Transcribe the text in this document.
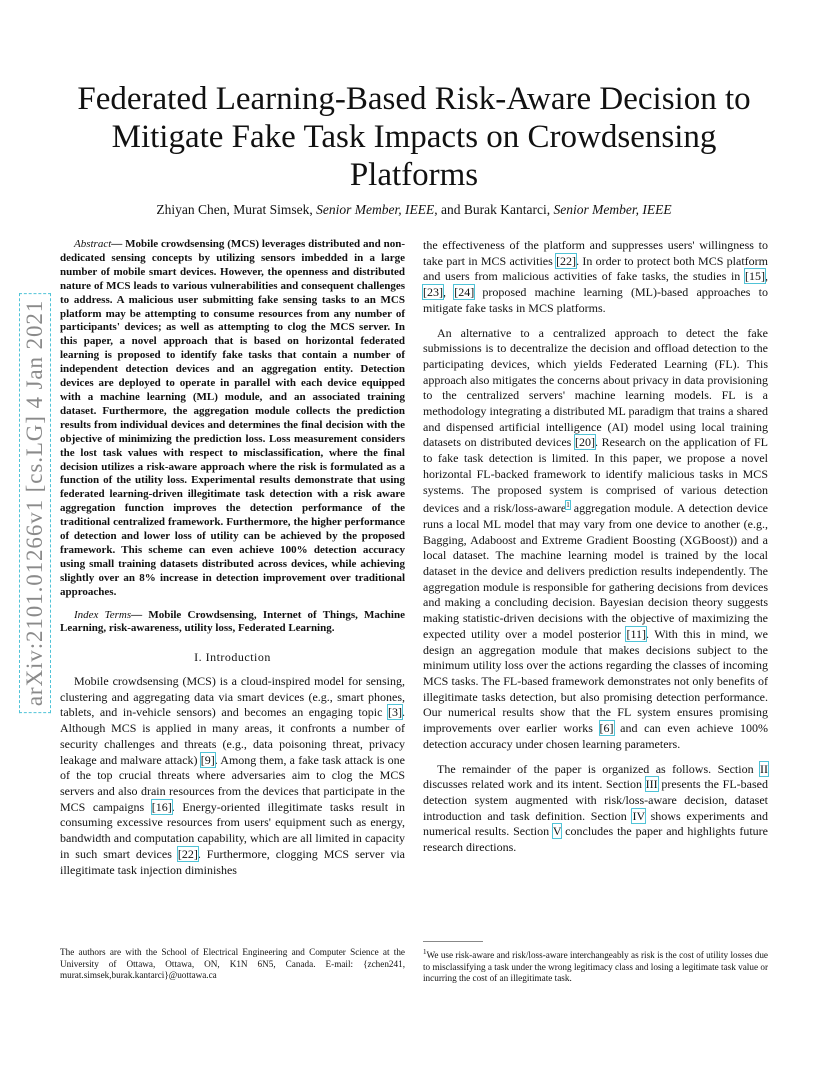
arXiv:2101.01266v1 [cs.LG] 4 Jan 2021
Federated Learning-Based Risk-Aware Decision to Mitigate Fake Task Impacts on Crowdsensing Platforms
Zhiyan Chen, Murat Simsek, Senior Member, IEEE, and Burak Kantarci, Senior Member, IEEE

Abstract— Mobile crowdsensing (MCS) leverages distributed and non-dedicated sensing concepts by utilizing sensors imbedded in a large number of mobile smart devices. However, the openness and distributed nature of MCS leads to various vulnerabilities and consequent challenges to address. A malicious user submitting fake sensing tasks to an MCS platform may be attempting to consume resources from any number of participants' devices; as well as attempting to clog the MCS server. In this paper, a novel approach that is based on horizontal federated learning is proposed to identify fake tasks that contain a number of independent detection devices and an aggregation entity. Detection devices are deployed to operate in parallel with each device equipped with a machine learning (ML) module, and an associated training dataset. Furthermore, the aggregation module collects the prediction results from individual devices and determines the final decision with the objective of minimizing the prediction loss. Loss measurement considers the lost task values with respect to misclassification, where the final decision utilizes a risk-aware approach where the risk is formulated as a function of the utility loss. Experimental results demonstrate that using federated learning-driven illegitimate task detection with a risk aware aggregation function improves the detection performance of the traditional centralized framework. Furthermore, the higher performance of detection and lower loss of utility can be achieved by the proposed framework. This scheme can even achieve 100% detection accuracy using small training datasets distributed across devices, while achieving slightly over an 8% increase in detection improvement over traditional approaches.

Index Terms— Mobile Crowdsensing, Internet of Things, Machine Learning, risk-awareness, utility loss, Federated Learning.

I. Introduction

Mobile crowdsensing (MCS) is a cloud-inspired model for sensing, clustering and aggregating data via smart devices (e.g., smart phones, tablets, and in-vehicle sensors) and becomes an engaging topic [3]. Although MCS is applied in many areas, it confronts a number of security challenges and threats (e.g., data poisoning threat, privacy leakage and malware attack) [9]. Among them, a fake task attack is one of the top crucial threats where adversaries aim to clog the MCS servers and also drain resources from the devices that participate in the MCS campaigns [16]. Energy-oriented illegitimate tasks result in consuming excessive resources from users' equipment such as energy, bandwidth and computation capability, which are all limited in capacity in such smart devices [22]. Furthermore, clogging MCS server via illegitimate task injection diminishes

the effectiveness of the platform and suppresses users' willingness to take part in MCS activities [22]. In order to protect both MCS platform and users from malicious activities of fake tasks, the studies in [15], [23], [24] proposed machine learning (ML)-based approaches to mitigate fake tasks in MCS platforms.

An alternative to a centralized approach to detect the fake submissions is to decentralize the decision and offload detection to the participating devices, which yields Federated Learning (FL). This approach also mitigates the concerns about privacy in data provisioning to the centralized servers' machine learning models. FL is a methodology integrating a distributed ML paradigm that trains a shared and dispensed artificial intelligence (AI) model using local training datasets on distributed devices [20]. Research on the application of FL to fake task detection is limited. In this paper, we propose a novel horizontal FL-backed framework to identify malicious tasks in MCS systems. The proposed system is comprised of various detection devices and a risk/loss-aware$^1$ aggregation module. A detection device runs a local ML model that may vary from one device to another (e.g., Bagging, Adaboost and Extreme Gradient Boosting (XGBoost)) and a local dataset. The machine learning model is trained by the local dataset in the device and delivers prediction results independently. The aggregation module is responsible for gathering decisions from devices and making a concluding decision. Bayesian decision theory suggests making statistic-driven decisions with the objective of maximizing the expected utility over a model posterior [11]. With this in mind, we design an aggregation module that makes decisions subject to the minimum utility loss over the actions regarding the classes of incoming MCS tasks. The FL-based framework demonstrates not only benefits of illegitimate tasks detection, but also promising detection performance. Our numerical results show that the FL system ensures promising improvements over earlier works [6] and can even achieve 100% detection accuracy under chosen learning parameters.

The remainder of the paper is organized as follows. Section II discusses related work and its intent. Section III presents the FL-based detection system augmented with risk/loss-aware decision, dataset introduction and task definition. Section IV shows experiments and numerical results. Section V concludes the paper and highlights future research directions.

The authors are with the School of Electrical Engineering and Computer Science at the University of Ottawa, Ottawa, ON, K1N 6N5, Canada. E-mail: {zchen241, murat.simsek,burak.kantarci}@uottawa.ca
$^1$We use risk-aware and risk/loss-aware interchangeably as risk is the cost of utility losses due to misclassifying a task under the wrong legitimacy class and losing a legitimate task value or incurring the cost of an illegitimate task.
